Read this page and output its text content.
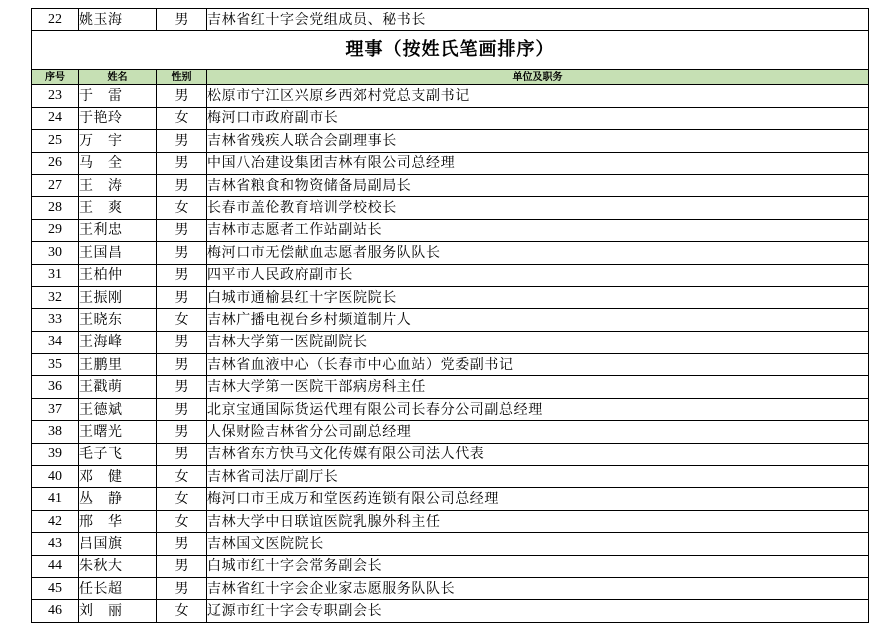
22	姚玉海	男	吉林省红十字会党组成员、秘书长
理事（按姓氏笔画排序）			
序号	姓名	性别	单位及职务
23	于　雷	男	松原市宁江区兴原乡西郊村党总支副书记
24	于艳玲	女	梅河口市政府副市长
25	万　宇	男	吉林省残疾人联合会副理事长
26	马　全	男	中国八冶建设集团吉林有限公司总经理
27	王　涛	男	吉林省粮食和物资储备局副局长
28	王　爽	女	长春市盖伦教育培训学校校长
29	王利忠	男	吉林市志愿者工作站副站长
30	王国昌	男	梅河口市无偿献血志愿者服务队队长
31	王柏仲	男	四平市人民政府副市长
32	王振刚	男	白城市通榆县红十字医院院长
33	王晓东	女	吉林广播电视台乡村频道制片人
34	王海峰	男	吉林大学第一医院副院长
35	王鹏里	男	吉林省血液中心（长春市中心血站）党委副书记
36	王戳萌	男	吉林大学第一医院干部病房科主任
37	王德斌	男	北京宝通国际货运代理有限公司长春分公司副总经理
38	王曙光	男	人保财险吉林省分公司副总经理
39	毛子飞	男	吉林省东方快马文化传媒有限公司法人代表
40	邓　健	女	吉林省司法厅副厅长
41	丛　静	女	梅河口市王成万和堂医药连锁有限公司总经理
42	邢　华	女	吉林大学中日联谊医院乳腺外科主任
43	吕国旗	男	吉林国文医院院长
44	朱秋大	男	白城市红十字会常务副会长
45	任长超	男	吉林省红十字会企业家志愿服务队队长
46	刘　丽	女	辽源市红十字会专职副会长
